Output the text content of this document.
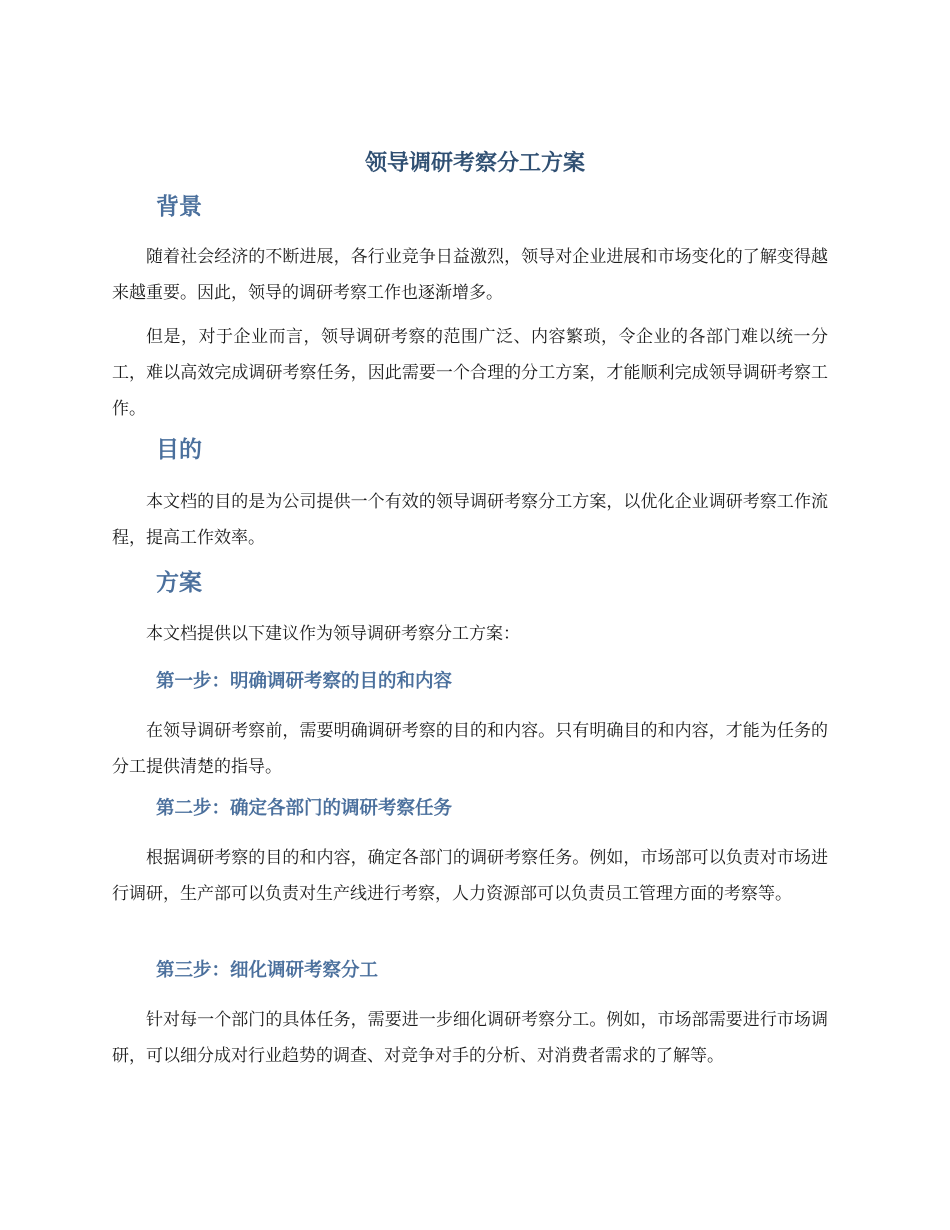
领导调研考察分工方案
背景

随着社会经济的不断进展，各行业竞争日益激烈，领导对企业进展和市场变化的了解变得越来越重要。因此，领导的调研考察工作也逐渐增多。

但是，对于企业而言，领导调研考察的范围广泛、内容繁琐，令企业的各部门难以统一分工，难以高效完成调研考察任务，因此需要一个合理的分工方案，才能顺利完成领导调研考察工作。

目的

本文档的目的是为公司提供一个有效的领导调研考察分工方案，以优化企业调研考察工作流程，提高工作效率。

方案

本文档提供以下建议作为领导调研考察分工方案：

第一步：明确调研考察的目的和内容

在领导调研考察前，需要明确调研考察的目的和内容。只有明确目的和内容，才能为任务的分工提供清楚的指导。

第二步：确定各部门的调研考察任务

根据调研考察的目的和内容，确定各部门的调研考察任务。例如，市场部可以负责对市场进行调研，生产部可以负责对生产线进行考察，人力资源部可以负责员工管理方面的考察等。

第三步：细化调研考察分工

针对每一个部门的具体任务，需要进一步细化调研考察分工。例如，市场部需要进行市场调研，可以细分成对行业趋势的调查、对竞争对手的分析、对消费者需求的了解等。
